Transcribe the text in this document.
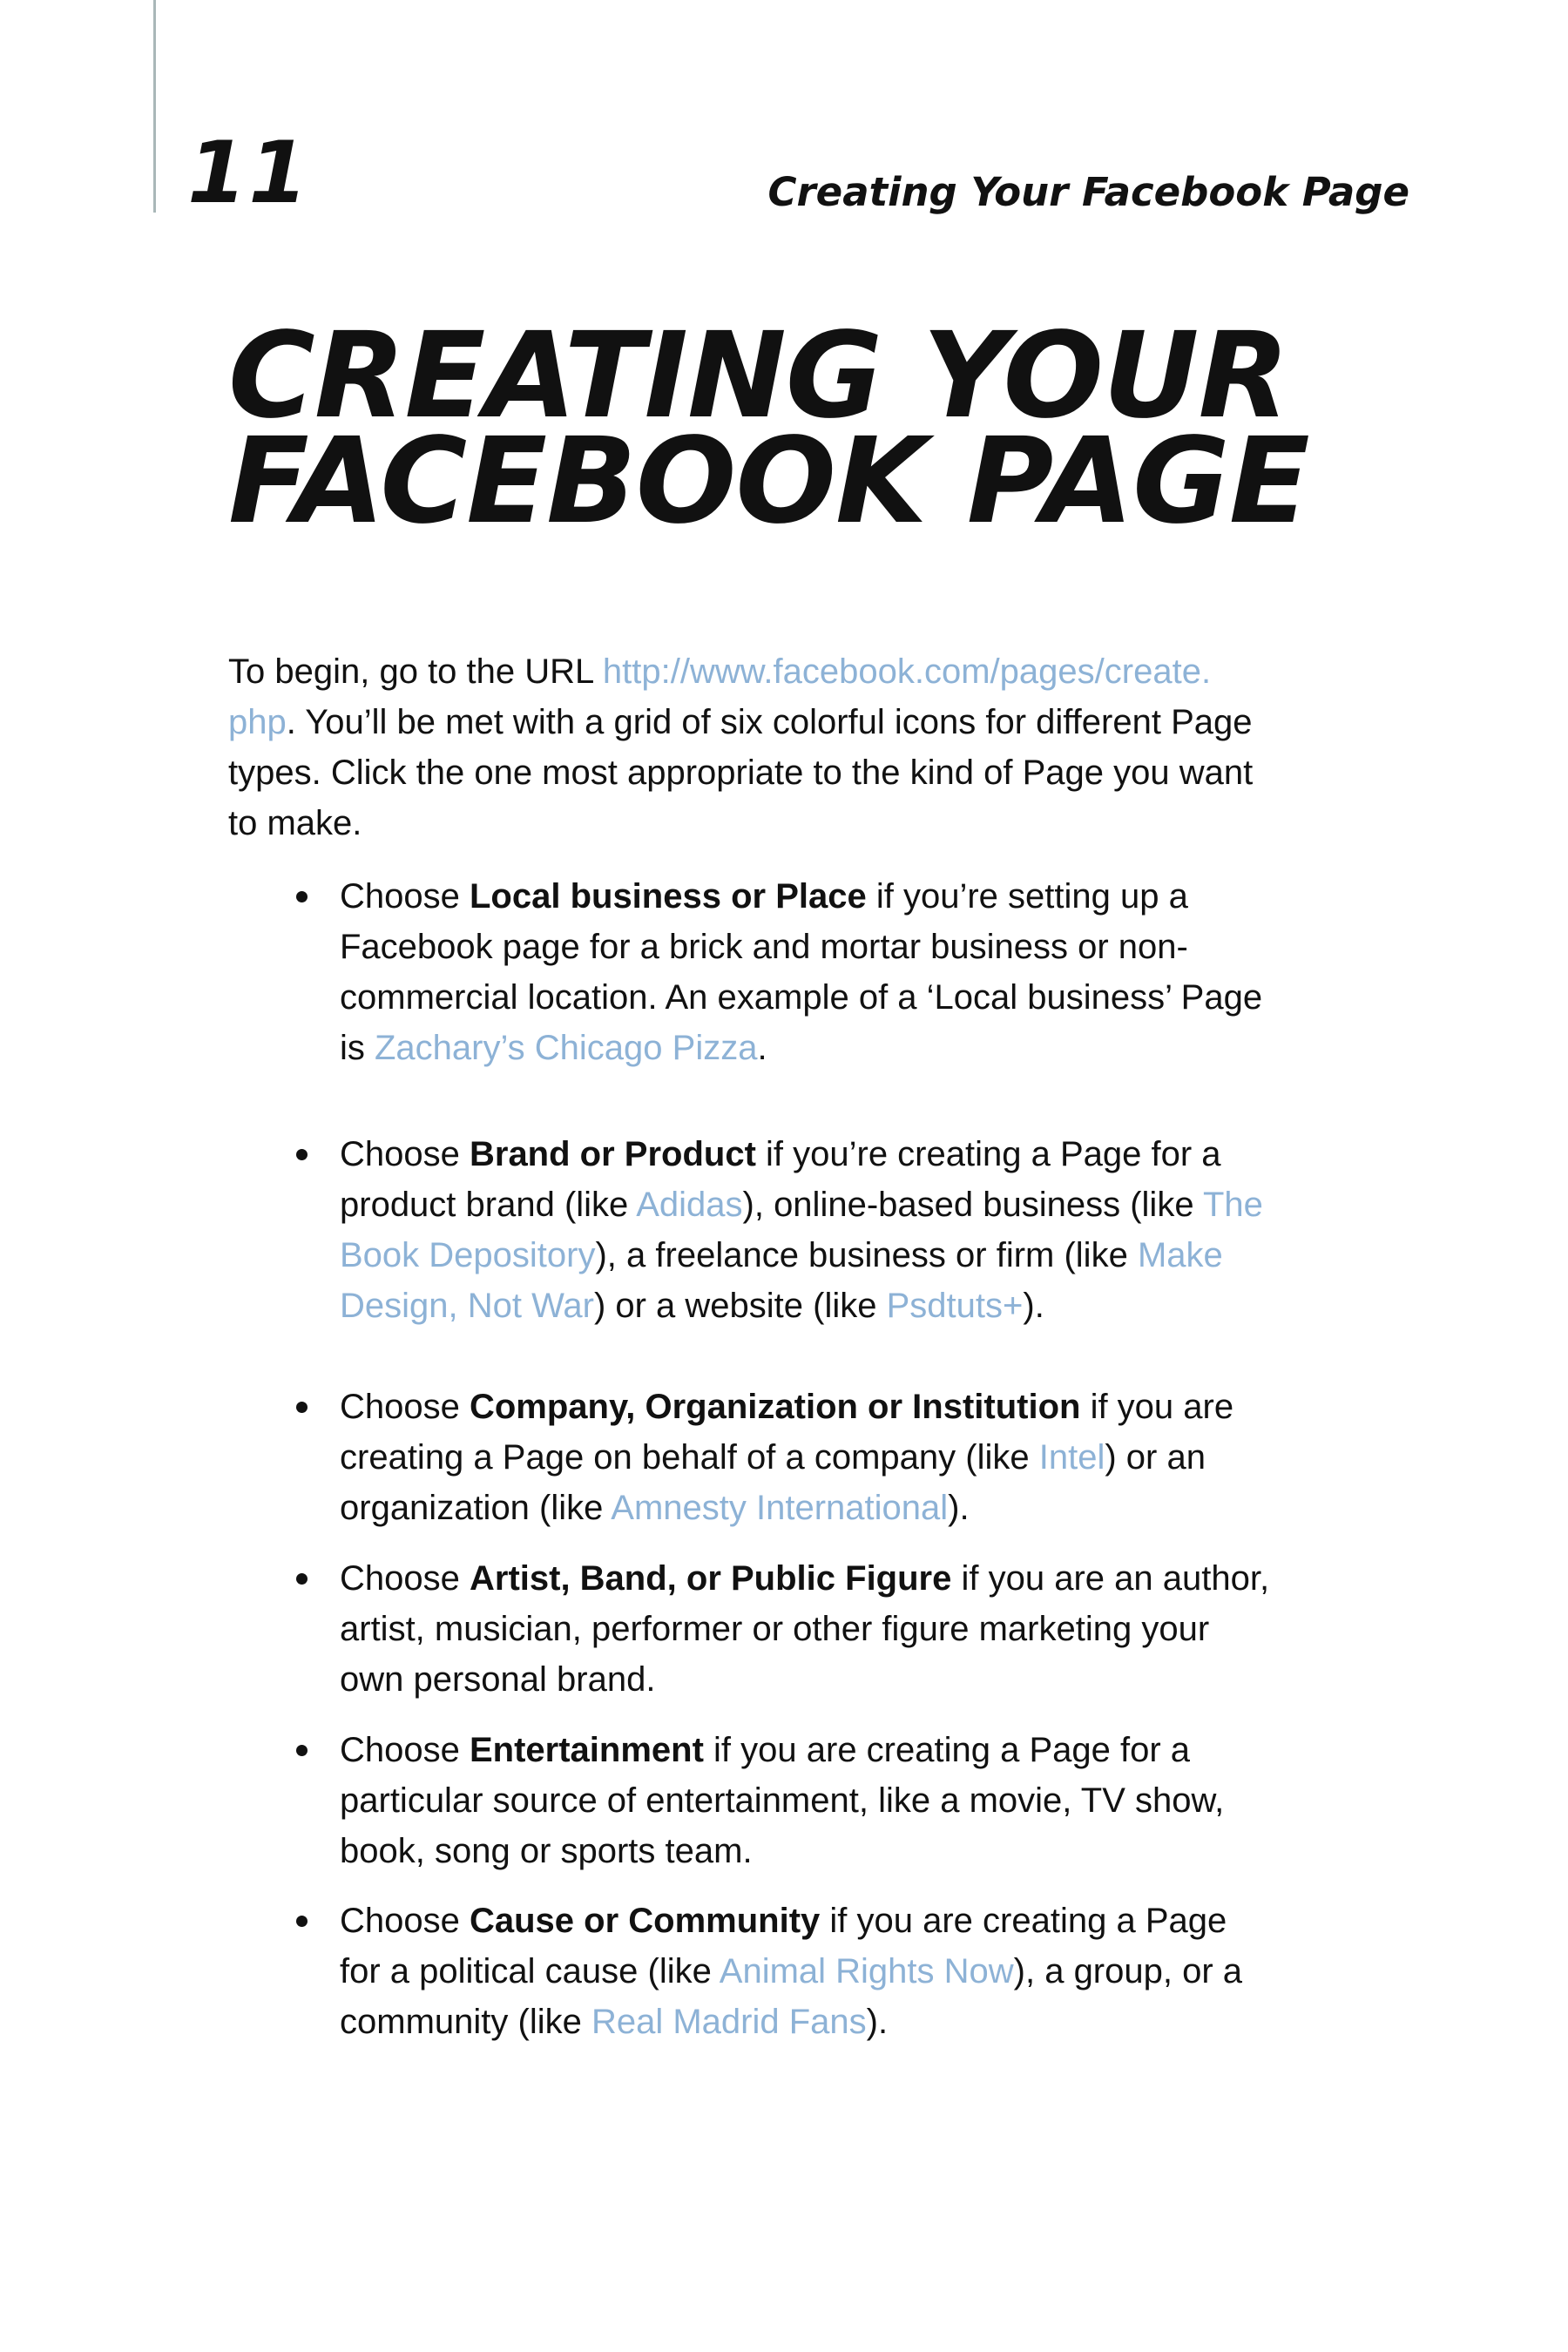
11	Creating Your Facebook Page
CREATING YOUR
FACEBOOK PAGE

To begin, go to the URL http://www.facebook.com/pages/create.
php. You’ll be met with a grid of six colorful icons for different Page
types. Click the one most appropriate to the kind of Page you want
to make.

Choose Local business or Place if you’re setting up a
Facebook page for a brick and mortar business or non-
commercial location. An example of a ‘Local business’ Page
is Zachary’s Chicago Pizza.
Choose Brand or Product if you’re creating a Page for a
product brand (like Adidas), online-based business (like The
Book Depository), a freelance business or firm (like Make
Design, Not War) or a website (like Psdtuts+).
Choose Company, Organization or Institution if you are
creating a Page on behalf of a company (like Intel) or an
organization (like Amnesty International).
Choose Artist, Band, or Public Figure if you are an author,
artist, musician, performer or other figure marketing your
own personal brand.
Choose Entertainment if you are creating a Page for a
particular source of entertainment, like a movie, TV show,
book, song or sports team.
Choose Cause or Community if you are creating a Page
for a political cause (like Animal Rights Now), a group, or a
community (like Real Madrid Fans).
